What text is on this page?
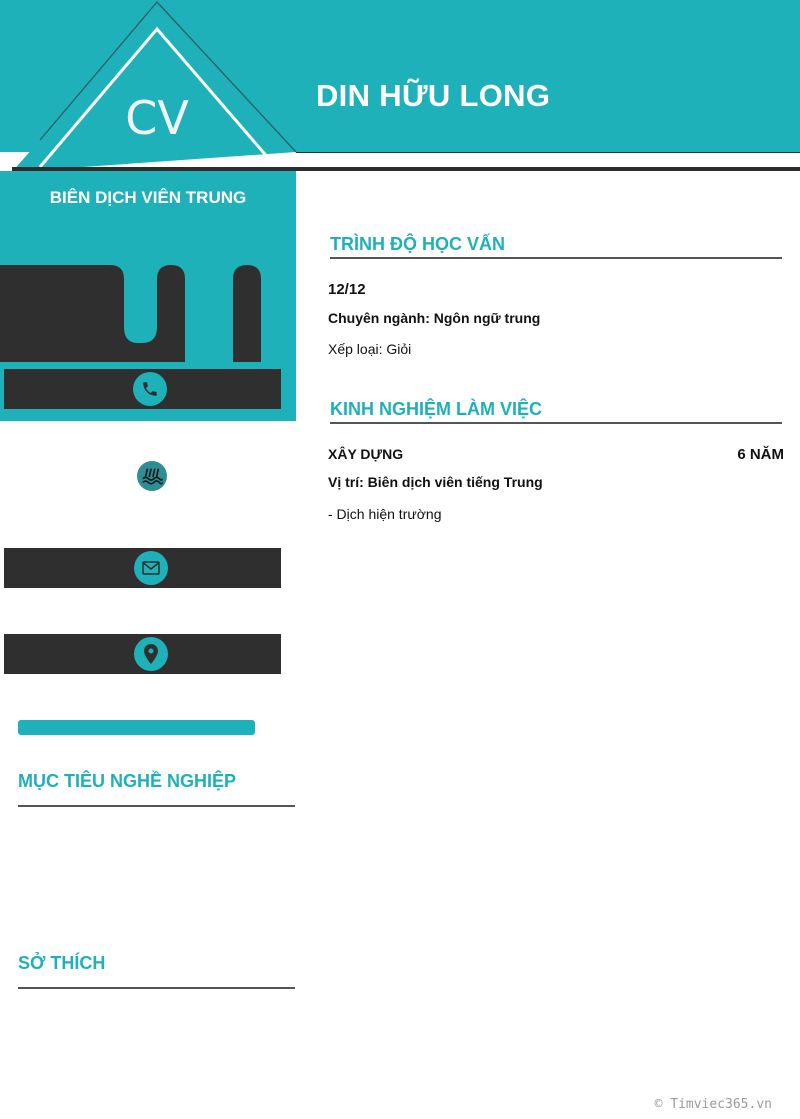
CV	DIN HỮU LONG
BIÊN DỊCH VIÊN TRUNG
MỤC TIÊU NGHỀ NGHIỆP
SỞ THÍCH
TRÌNH ĐỘ HỌC VẤN
12/12
Chuyên ngành: Ngôn ngữ trung
Xếp loại: Giỏi
KINH NGHIỆM LÀM VIỆC
XÂY DỰNG	6 NĂM
Vị trí: Biên dịch viên tiếng Trung
- Dịch hiện trường
© Timviec365.vn
